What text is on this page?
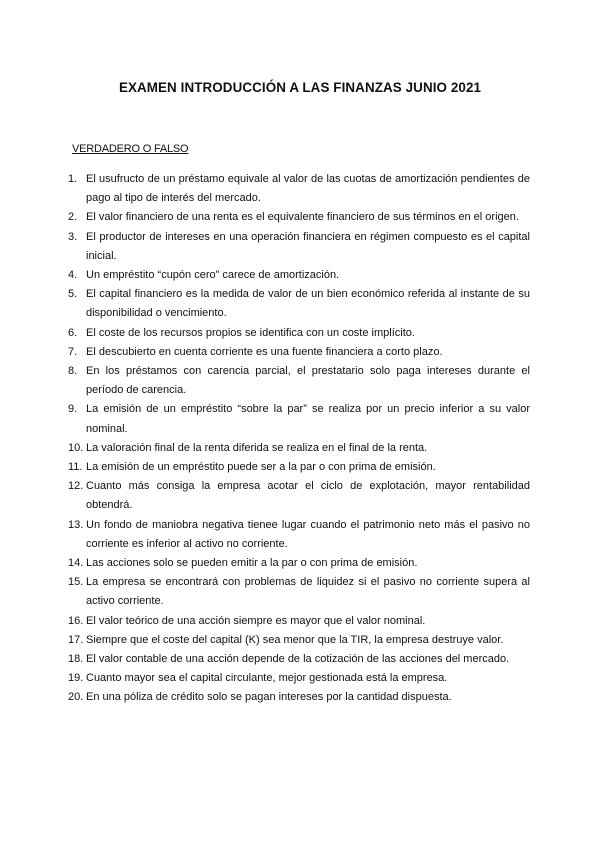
EXAMEN INTRODUCCIÓN A LAS FINANZAS JUNIO 2021
VERDADERO O FALSO
1. El usufructo de un préstamo equivale al valor de las cuotas de amortización pendientes de pago al tipo de interés del mercado.
2. El valor financiero de una renta es el equivalente financiero de sus términos en el origen.
3. El productor de intereses en una operación financiera en régimen compuesto es el capital inicial.
4. Un empréstito “cupón cero” carece de amortización.
5. El capital financiero es la medida de valor de un bien económico referida al instante de su disponibilidad o vencimiento.
6. El coste de los recursos propios se identifica con un coste implícito.
7. El descubierto en cuenta corriente es una fuente financiera a corto plazo.
8. En los préstamos con carencia parcial, el prestatario solo paga intereses durante el período de carencia.
9. La emisión de un empréstito “sobre la par” se realiza por un precio inferior a su valor nominal.
10. La valoración final de la renta diferida se realiza en el final de la renta.
11. La emisión de un empréstito puede ser a la par o con prima de emisión.
12. Cuanto más consiga la empresa acotar el ciclo de explotación, mayor rentabilidad obtendrá.
13. Un fondo de maniobra negativa tienee lugar cuando el patrimonio neto más el pasivo no corriente es inferior al activo no corriente.
14. Las acciones solo se pueden emitir a la par o con prima de emisión.
15. La empresa se encontrará con problemas de liquidez si el pasivo no corriente supera al activo corriente.
16. El valor teórico de una acción siempre es mayor que el valor nominal.
17. Siempre que el coste del capital (K) sea menor que la TIR, la empresa destruye valor.
18. El valor contable de una acción depende de la cotización de las acciones del mercado.
19. Cuanto mayor sea el capital circulante, mejor gestionada está la empresa.
20. En una póliza de crédito solo se pagan intereses por la cantidad dispuesta.
